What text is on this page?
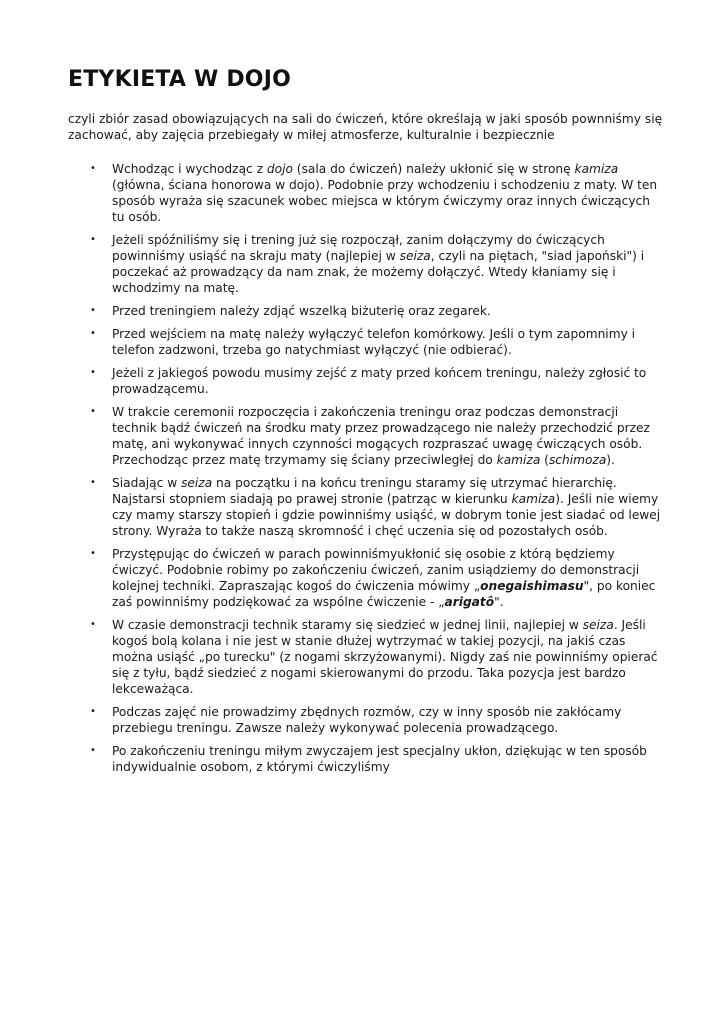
ETYKIETA W DOJO

czyli zbiór zasad obowiązujących na sali do ćwiczeń, które określają w jaki sposób pownniśmy się zachować, aby zajęcia przebiegały w miłej atmosferze, kulturalnie i bezpiecznie

• Wchodząc i wychodząc z dojo (sala do ćwiczeń) należy ukłonić się w stronę kamiza (główna, ściana honorowa w dojo). Podobnie przy wchodzeniu i schodzeniu z maty. W ten sposób wyraża się szacunek wobec miejsca w którym ćwiczymy oraz innych ćwiczących tu osób.
• Jeżeli spóźniliśmy się i trening już się rozpoczął, zanim dołączymy do ćwiczących powinniśmy usiąść na skraju maty (najlepiej w seiza, czyli na piętach, "siad japoński") i poczekać aż prowadzący da nam znak, że możemy dołączyć. Wtedy kłaniamy się i wchodzimy na matę.
• Przed treningiem należy zdjąć wszelką biżuterię oraz zegarek.
• Przed wejściem na matę należy wyłączyć telefon komórkowy. Jeśli o tym zapomnimy i telefon zadzwoni, trzeba go natychmiast wyłączyć (nie odbierać).
• Jeżeli z jakiegoś powodu musimy zejść z maty przed końcem treningu, należy zgłosić to prowadzącemu.
• W trakcie ceremonii rozpoczęcia i zakończenia treningu oraz podczas demonstracji technik bądź ćwiczeń na środku maty przez prowadzącego nie należy przechodzić przez matę, ani wykonywać innych czynności mogących rozpraszać uwagę ćwiczących osób. Przechodząc przez matę trzymamy się ściany przeciwległej do kamiza (schimoza).
• Siadając w seiza na początku i na końcu treningu staramy się utrzymać hierarchię. Najstarsi stopniem siadają po prawej stronie (patrząc w kierunku kamiza). Jeśli nie wiemy czy mamy starszy stopień i gdzie powinniśmy usiąść, w dobrym tonie jest siadać od lewej strony. Wyraża to także naszą skromność i chęć uczenia się od pozostałych osób.
• Przystępując do ćwiczeń w parach powinniśmyukłonić się osobie z którą będziemy ćwiczyć. Podobnie robimy po zakończeniu ćwiczeń, zanim usiądziemy do demonstracji kolejnej techniki. Zapraszając kogoś do ćwiczenia mówimy „onegaishimasu", po koniec zaś powinniśmy podziękować za wspólne ćwiczenie - „arigatô".
• W czasie demonstracji technik staramy się siedzieć w jednej linii, najlepiej w seiza. Jeśli kogoś bolą kolana i nie jest w stanie dłużej wytrzymać w takiej pozycji, na jakiś czas można usiąść „po turecku" (z nogami skrzyżowanymi). Nigdy zaś nie powinniśmy opierać się z tyłu, bądź siedzieć z nogami skierowanymi do przodu. Taka pozycja jest bardzo lekceważąca.
• Podczas zajęć nie prowadzimy zbędnych rozmów, czy w inny sposób nie zakłócamy przebiegu treningu. Zawsze należy wykonywać polecenia prowadzącego.
• Po zakończeniu treningu miłym zwyczajem jest specjalny ukłon, dziękując w ten sposób indywidualnie osobom, z którymi ćwiczyliśmy
